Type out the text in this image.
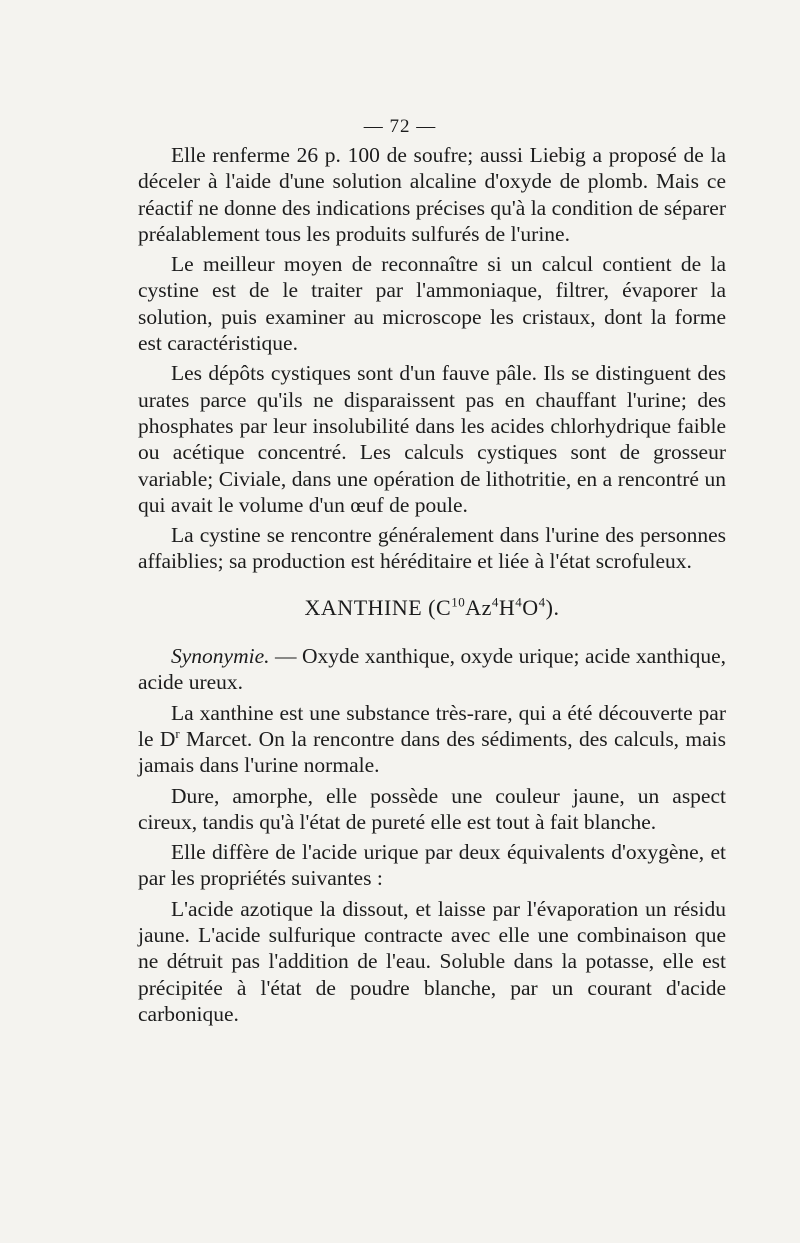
— 72 —

Elle renferme 26 p. 100 de soufre; aussi Liebig a proposé de la déceler à l'aide d'une solution alcaline d'oxyde de plomb. Mais ce réactif ne donne des indications précises qu'à la condition de séparer préalablement tous les produits sulfurés de l'urine.

Le meilleur moyen de reconnaître si un calcul contient de la cystine est de le traiter par l'ammoniaque, filtrer, évaporer la solution, puis examiner au microscope les cristaux, dont la forme est caractéristique.

Les dépôts cystiques sont d'un fauve pâle. Ils se distinguent des urates parce qu'ils ne disparaissent pas en chauffant l'urine; des phosphates par leur insolubilité dans les acides chlorhydrique faible ou acétique concentré. Les calculs cystiques sont de grosseur variable; Civiale, dans une opération de lithotritie, en a rencontré un qui avait le volume d'un œuf de poule.

La cystine se rencontre généralement dans l'urine des personnes affaiblies; sa production est héréditaire et liée à l'état scrofuleux.

XANTHINE $(C^{10}Az^4H^4O^4)$.

Synonymie. — Oxyde xanthique, oxyde urique; acide xanthique, acide ureux.

La xanthine est une substance très-rare, qui a été découverte par le $D^r$ Marcet. On la rencontre dans des sédiments, des calculs, mais jamais dans l'urine normale.

Dure, amorphe, elle possède une couleur jaune, un aspect cireux, tandis qu'à l'état de pureté elle est tout à fait blanche.

Elle diffère de l'acide urique par deux équivalents d'oxygène, et par les propriétés suivantes :

L'acide azotique la dissout, et laisse par l'évaporation un résidu jaune. L'acide sulfurique contracte avec elle une combinaison que ne détruit pas l'addition de l'eau. Soluble dans la potasse, elle est précipitée à l'état de poudre blanche, par un courant d'acide carbonique.
